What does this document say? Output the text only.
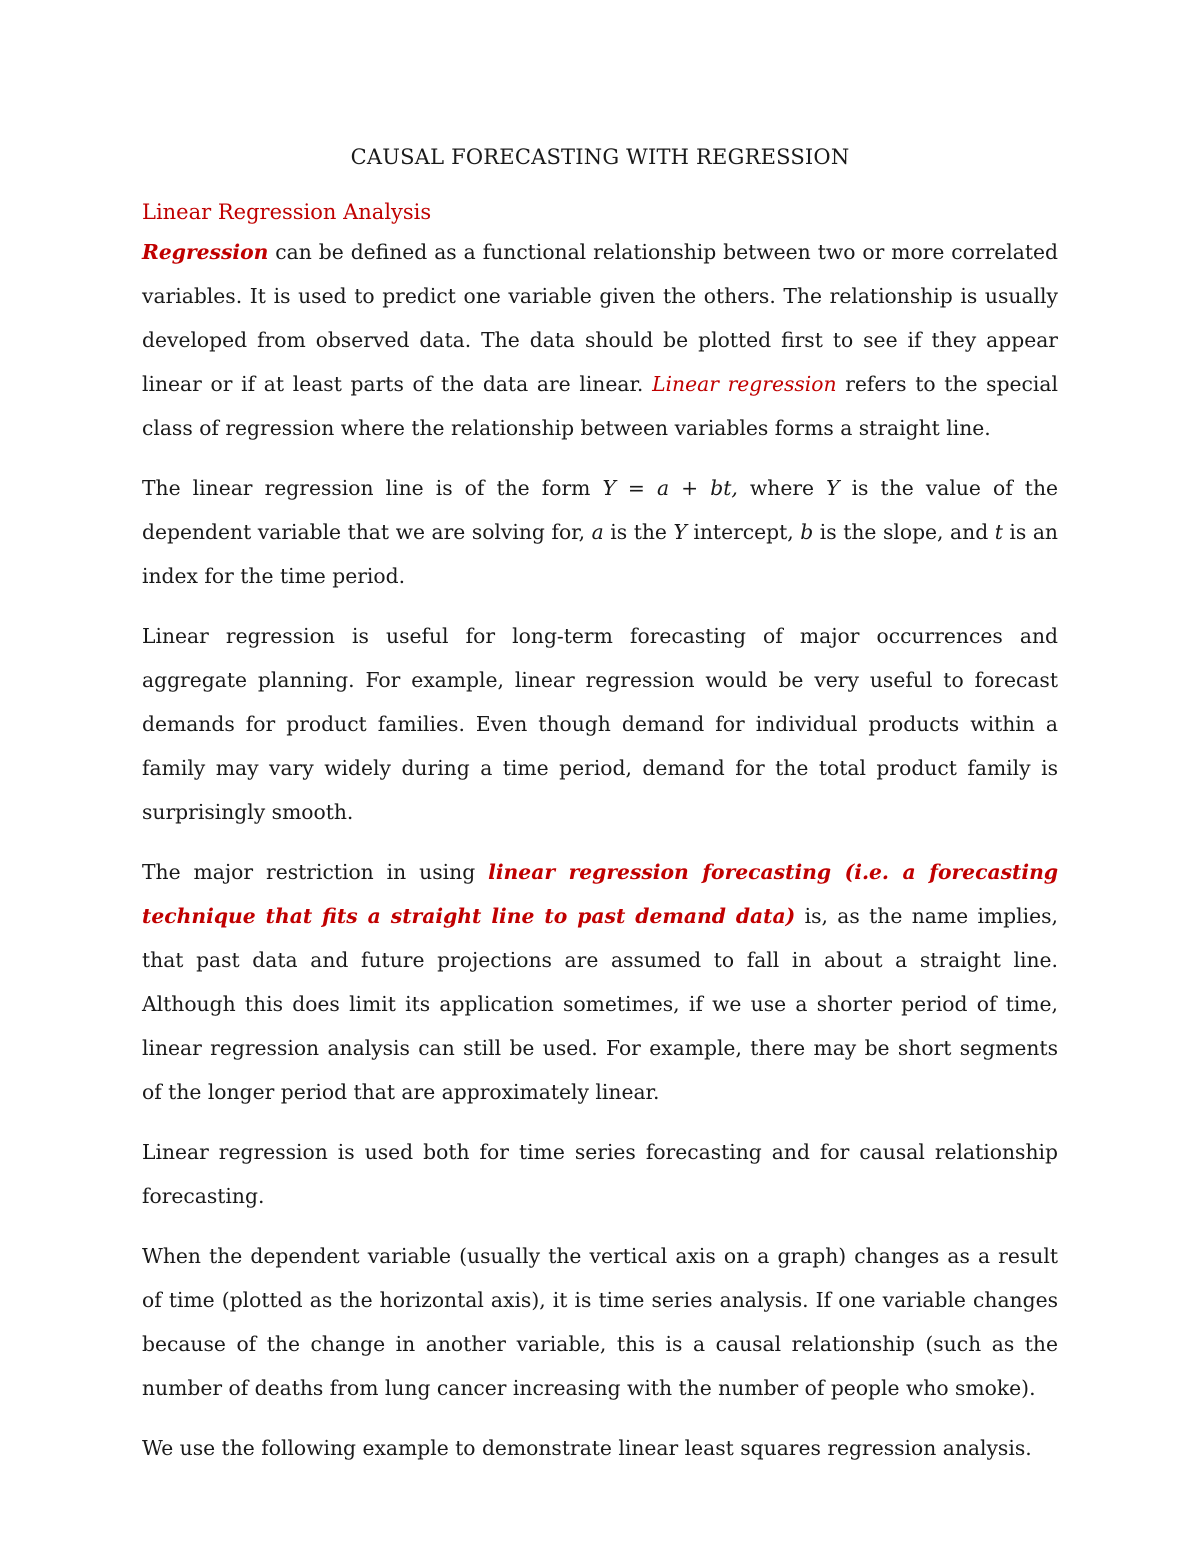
CAUSAL FORECASTING WITH REGRESSION
Linear Regression Analysis

Regression can be defined as a functional relationship between two or more correlated variables. It is used to predict one variable given the others. The relationship is usually developed from observed data. The data should be plotted first to see if they appear linear or if at least parts of the data are linear. Linear regression refers to the special class of regression where the relationship between variables forms a straight line.

The linear regression line is of the form Y = a + bt, where Y is the value of the dependent variable that we are solving for, a is the Y intercept, b is the slope, and t is an index for the time period.

Linear regression is useful for long-term forecasting of major occurrences and aggregate planning. For example, linear regression would be very useful to forecast demands for product families. Even though demand for individual products within a family may vary widely during a time period, demand for the total product family is surprisingly smooth.

The major restriction in using linear regression forecasting (i.e. a forecasting technique that fits a straight line to past demand data) is, as the name implies, that past data and future projections are assumed to fall in about a straight line. Although this does limit its application sometimes, if we use a shorter period of time, linear regression analysis can still be used. For example, there may be short segments of the longer period that are approximately linear.

Linear regression is used both for time series forecasting and for causal relationship forecasting.

When the dependent variable (usually the vertical axis on a graph) changes as a result of time (plotted as the horizontal axis), it is time series analysis. If one variable changes because of the change in another variable, this is a causal relationship (such as the number of deaths from lung cancer increasing with the number of people who smoke).

We use the following example to demonstrate linear least squares regression analysis.
